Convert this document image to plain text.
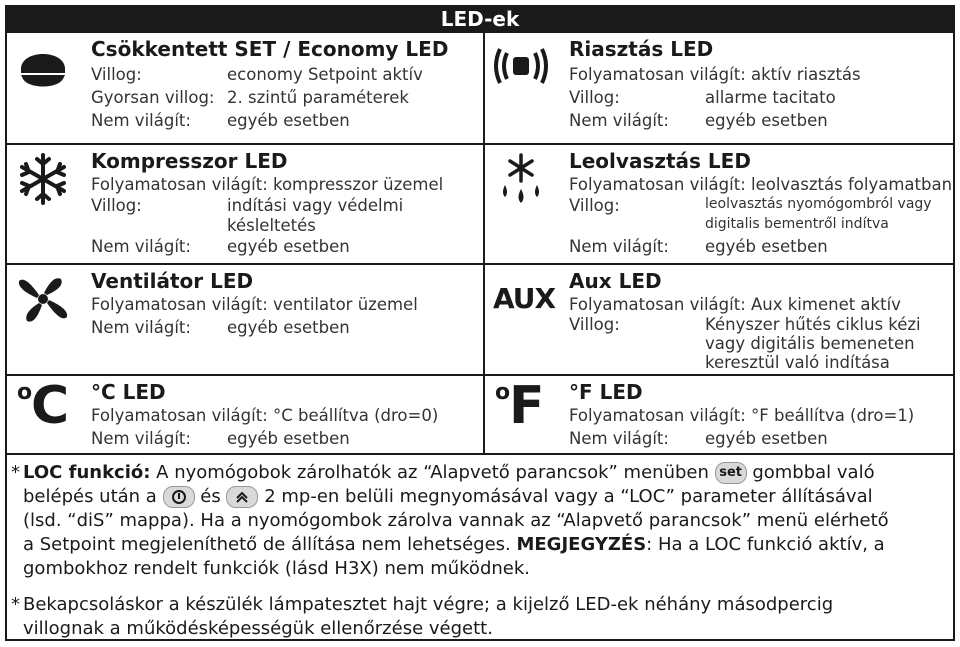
LED-ek
Csökkentett SET / Economy LED
Villog:	economy Setpoint aktív
Gyorsan villog: 2. szintű paraméterek
Nem világít: egyéb esetben
Riasztás LED
Folyamatosan világít: aktív riasztás
Villog:	allarme tacitato
Nem világít: egyéb esetben
Kompresszor LED
Folyamatosan világít: kompresszor üzemel
Villog:	indítási vagy védelmi
késleltetés
Nem világít: egyéb esetben
Leolvasztás LED
Folyamatosan világít: leolvasztás folyamatban
Villog:	leolvasztás nyomógombról vagy
digitalis bementről indítva
Nem világít: egyéb esetben
Ventilátor LED
Folyamatosan világít: ventilator üzemel
Nem világít: egyéb esetben
AUX
Aux LED
Folyamatosan világít: Aux kimenet aktív
Villog:	Kényszer hűtés ciklus kézi
vagy digitális bemeneten
keresztül való indítása
o
C °C LED
Folyamatosan világít: °C beállítva (dro=0)
Nem világít: egyéb esetben
o
F °F LED
Folyamatosan világít: °F beállítva (dro=1)
Nem világít: egyéb esetben
* LOC funkció: A nyomógobok zárolhatók az “Alapvető parancsok” menüben set gombbal való
belépés után a  és  2 mp-en belüli megnyomásával vagy a “LOC” parameter állításával
(lsd. “diS” mappa). Ha a nyomógombok zárolva vannak az “Alapvető parancsok” menü elérhető
a Setpoint megjeleníthető de állítása nem lehetséges. MEGJEGYZÉS: Ha a LOC funkció aktív, a
gombokhoz rendelt funkciók (lásd H3X) nem működnek.
* Bekapcsoláskor a készülék lámpatesztet hajt végre; a kijelző LED-ek néhány másodpercig
villognak a működésképességük ellenőrzése végett.
